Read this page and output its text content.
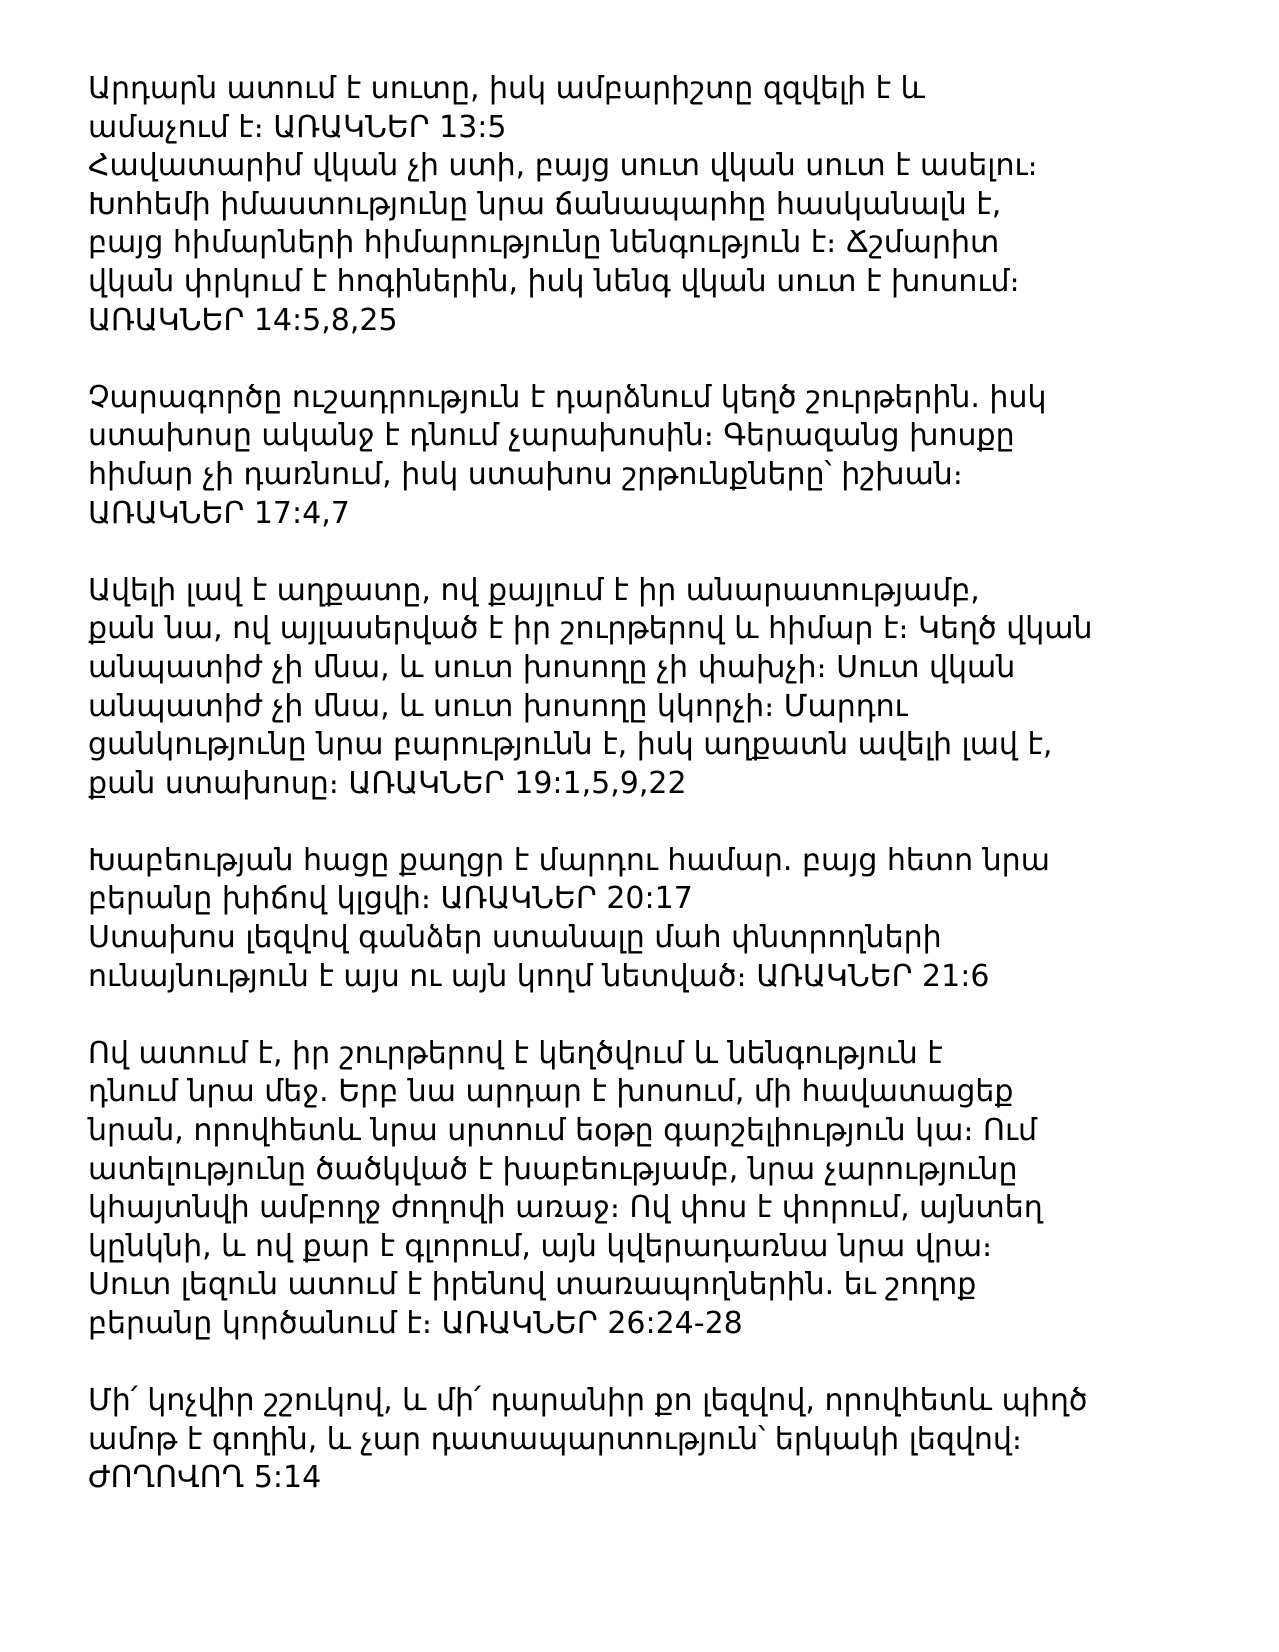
Արդարն ատում է սուտը, իսկ ամբարիշտը զզվելի է և
ամաչում է։ ԱՌԱԿՆԵՐ 13:5
Հավատարիմ վկան չի ստի, բայց սուտ վկան սուտ է ասելու։
Խոհեմի իմաստությունը նրա ճանապարհը հասկանալն է,
բայց հիմարների հիմարությունը նենգություն է։ Ճշմարիտ
վկան փրկում է հոգիներին, իսկ նենգ վկան սուտ է խոսում։
ԱՌԱԿՆԵՐ 14:5,8,25
Չարագործը ուշադրություն է դարձնում կեղծ շուրթերին. իսկ
ստախոսը ականջ է դնում չարախոսին։ Գերազանց խոսքը
հիմար չի դառնում, իսկ ստախոս շրթունքները՝ իշխան։
ԱՌԱԿՆԵՐ 17:4,7
Ավելի լավ է աղքատը, ով քայլում է իր անարատությամբ,
քան նա, ով այլասերված է իր շուրթերով և հիմար է։ Կեղծ վկան
անպատիժ չի մնա, և սուտ խոսողը չի փախչի։ Սուտ վկան
անպատիժ չի մնա, և սուտ խոսողը կկորչի։ Մարդու
ցանկությունը նրա բարությունն է, իսկ աղքատն ավելի լավ է,
քան ստախոսը։ ԱՌԱԿՆԵՐ 19:1,5,9,22
Խաբեության հացը քաղցր է մարդու համար. բայց հետո նրա
բերանը խիճով կլցվի։ ԱՌԱԿՆԵՐ 20:17
Ստախոս լեզվով գանձեր ստանալը մահ փնտրողների
ունայնություն է այս ու այն կողմ նետված։ ԱՌԱԿՆԵՐ 21:6
Ով ատում է, իր շուրթերով է կեղծվում և նենգություն է
դնում նրա մեջ. Երբ նա արդար է խոսում, մի հավատացեք
նրան, որովհետև նրա սրտում եօթը գարշելիություն կա։ Ում
ատելությունը ծածկված է խաբեությամբ, նրա չարությունը
կհայտնվի ամբողջ ժողովի առաջ։ Ով փոս է փորում, այնտեղ
կընկնի, և ով քար է գլորում, այն կվերադառնա նրա վրա։
Սուտ լեզուն ատում է իրենով տառապողներին. եւ շողոք
բերանը կործանում է։ ԱՌԱԿՆԵՐ 26:24-28
Մի՛ կոչվիր շշուկով, և մի՛ դարանիր քո լեզվով, որովհետև պիղծ
ամոթ է գողին, և չար դատապարտություն՝ երկակի լեզվով։
ԺՈՂՈՎՈՂ 5:14
